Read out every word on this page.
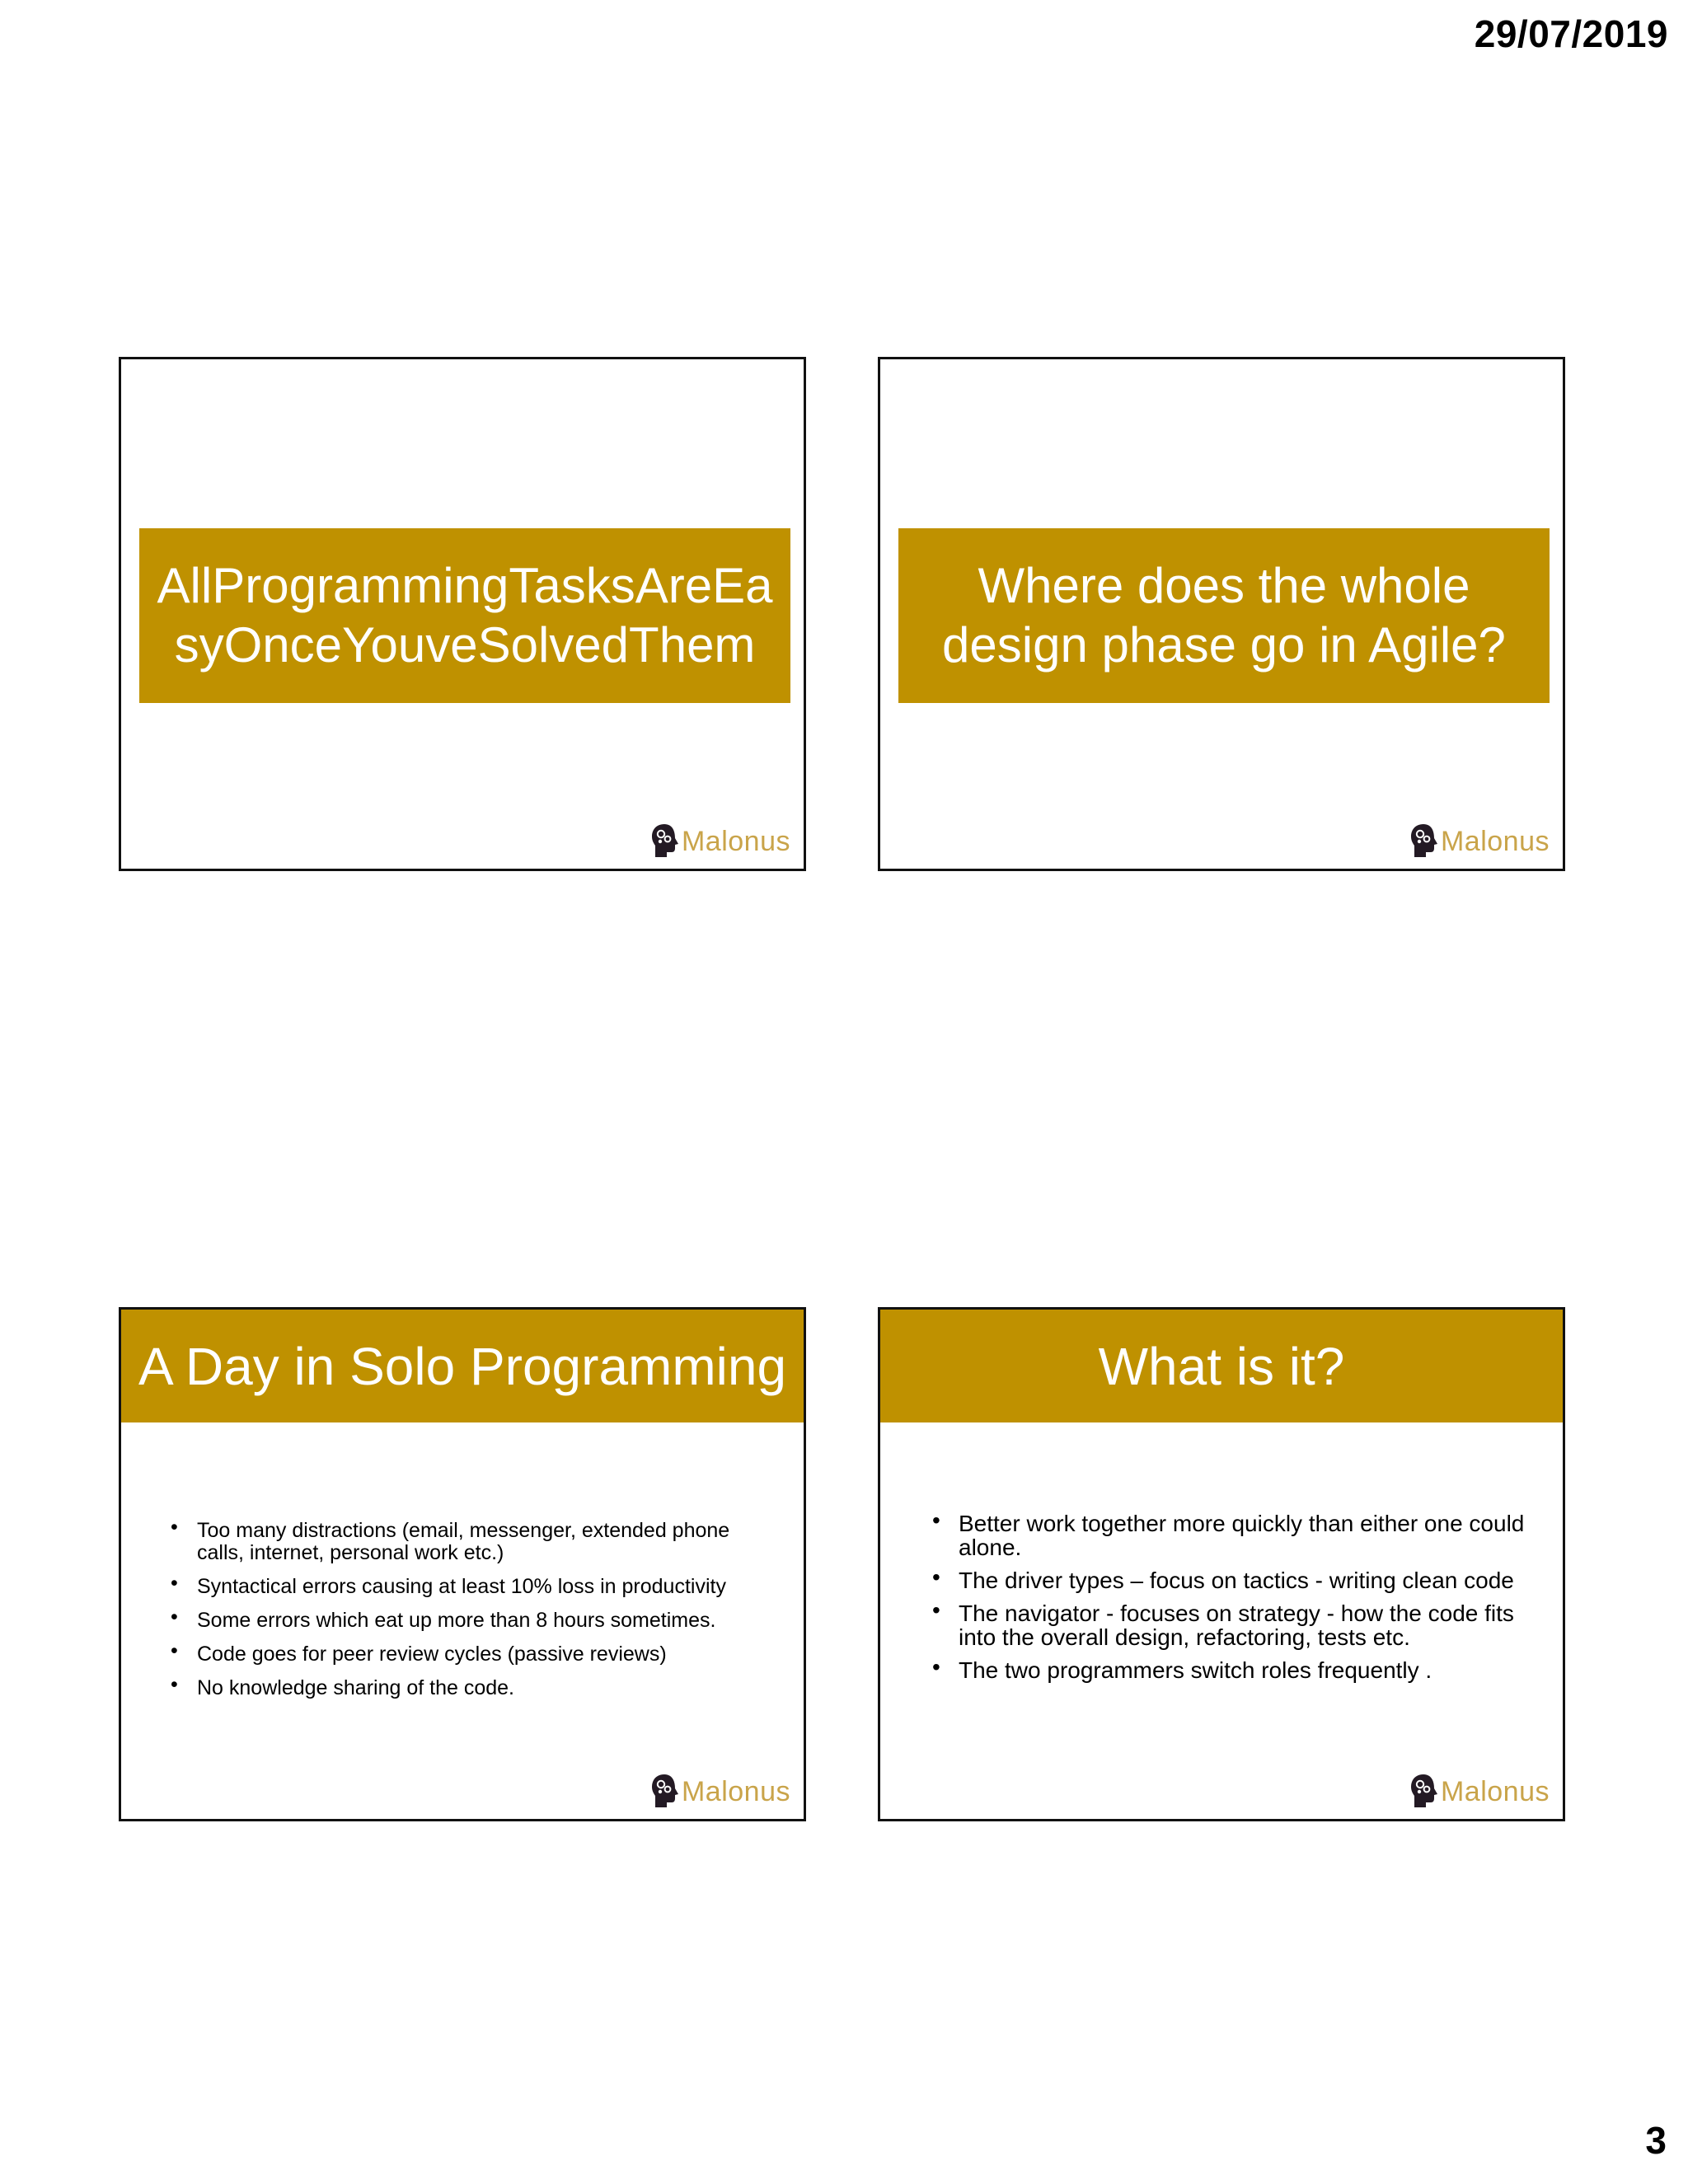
29/07/2019
AllProgrammingTasksAreEa
syOnceYouveSolvedThem
Malonus
Where does the whole
design phase go in Agile?
Malonus
A Day in Solo Programming
• Too many distractions (email, messenger, extended phone calls, internet, personal work etc.)
• Syntactical errors causing at least 10% loss in productivity
• Some errors which eat up more than 8 hours sometimes.
• Code goes for peer review cycles (passive reviews)
• No knowledge sharing of the code.
Malonus
What is it?
• Better work together more quickly than either one could alone.
• The driver types – focus on tactics - writing clean code
• The navigator - focuses on strategy - how the code fits into the overall design, refactoring, tests etc.
• The two programmers switch roles frequently .
Malonus
3
